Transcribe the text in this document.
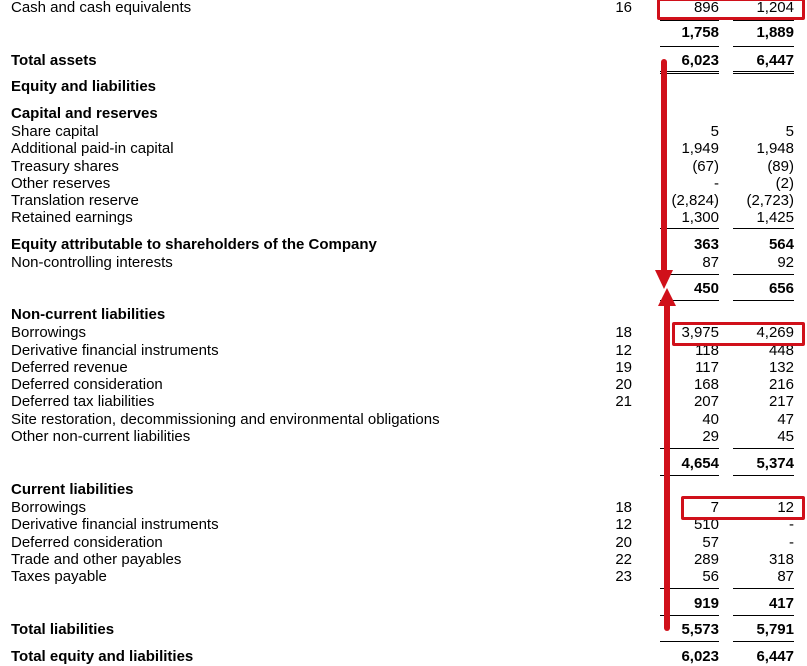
Cash and cash equivalents	16	896	1,204
1,758	1,889
Total assets	6,023	6,447
Equity and liabilities
Capital and reserves
Share capital	5	5
Additional paid-in capital	1,949	1,948
Treasury shares	(67)	(89)
Other reserves	-	(2)
Translation reserve	(2,824)	(2,723)
Retained earnings	1,300	1,425
Equity attributable to shareholders of the Company	363	564
Non-controlling interests	87	92
450	656
Non-current liabilities
Borrowings	18	3,975	4,269
Derivative financial instruments	12	118	448
Deferred revenue	19	117	132
Deferred consideration	20	168	216
Deferred tax liabilities	21	207	217
Site restoration, decommissioning and environmental obligations	40	47
Other non-current liabilities	29	45
4,654	5,374
Current liabilities
Borrowings	18	7	12
Derivative financial instruments	12	510	-
Deferred consideration	20	57	-
Trade and other payables	22	289	318
Taxes payable	23	56	87
919	417
Total liabilities	5,573	5,791
Total equity and liabilities	6,023	6,447
